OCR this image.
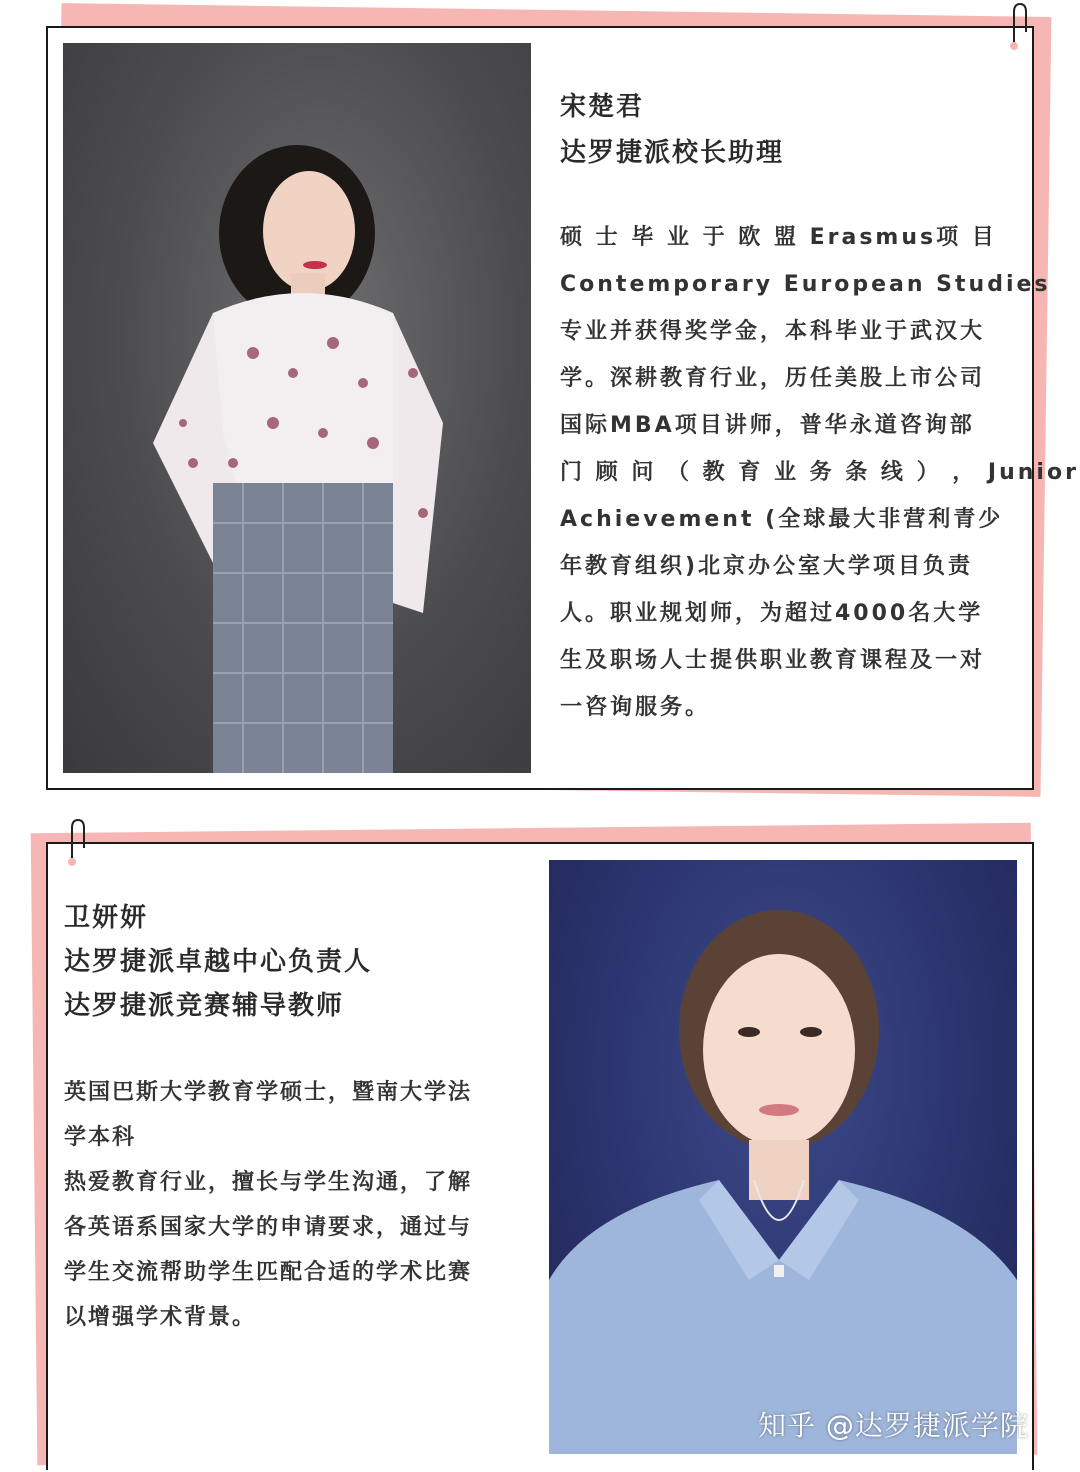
宋楚君
达罗捷派校长助理
硕 士 毕 业 于 欧 盟 Erasmus项 目
Contemporary European Studies
专业并获得奖学金，本科毕业于武汉大
学。深耕教育行业，历任美股上市公司
国际MBA项目讲师，普华永道咨询部
门 顾 问 （ 教 育 业 务 条 线 ） ， Junior
Achievement (全球最大非营利青少
年教育组织)北京办公室大学项目负责
人。职业规划师，为超过4000名大学
生及职场人士提供职业教育课程及一对
一咨询服务。
卫妍妍
达罗捷派卓越中心负责人
达罗捷派竞赛辅导教师
英国巴斯大学教育学硕士，暨南大学法
学本科
热爱教育行业，擅长与学生沟通，了解
各英语系国家大学的申请要求，通过与
学生交流帮助学生匹配合适的学术比赛
以增强学术背景。
知乎 @达罗捷派学院
